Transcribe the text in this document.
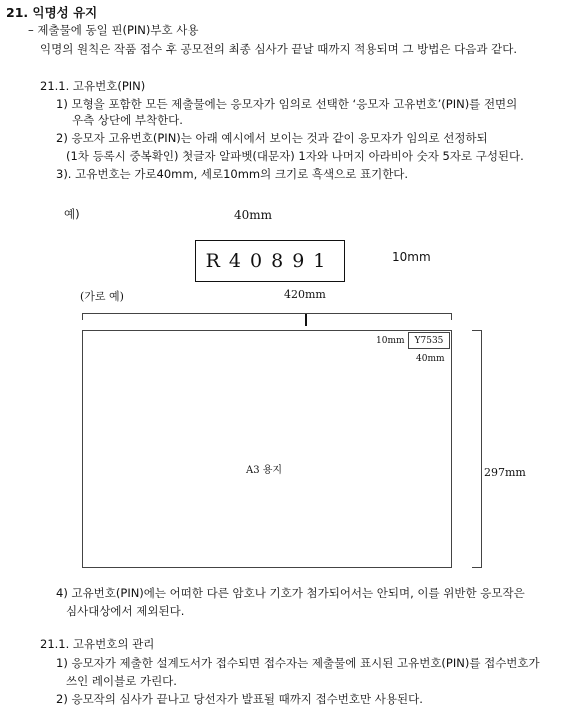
21. 익명성 유지
– 제출물에 동일 핀(PIN)부호 사용
익명의 원칙은 작품 접수 후 공모전의 최종 심사가 끝날 때까지 적용되며 그 방법은 다음과 같다.
21.1. 고유번호(PIN)
1) 모형을 포함한 모든 제출물에는 응모자가 임의로 선택한 ‘응모자 고유번호’(PIN)를 전면의
우측 상단에 부착한다.
2) 응모자 고유번호(PIN)는 아래 예시에서 보이는 것과 같이 응모자가 임의로 선정하되
(1차 등록시 중복확인) 첫글자 알파벳(대문자) 1자와 나머지 아라비아 숫자 5자로 구성된다.
3). 고유번호는 가로40mm, 세로10mm의 크기로 흑색으로 표기한다.
예)	40mm
R40891	10mm
(가로 예)	420mm
10mm Y7535
40mm
A3 용지	297mm
4) 고유번호(PIN)에는 어떠한 다른 암호나 기호가 첨가되어서는 안되며, 이를 위반한 응모작은
심사대상에서 제외된다.
21.1. 고유번호의 관리
1) 응모자가 제출한 설계도서가 접수되면 접수자는 제출물에 표시된 고유번호(PIN)를 접수번호가
쓰인 레이블로 가린다.
2) 응모작의 심사가 끝나고 당선자가 발표될 때까지 접수번호만 사용된다.
